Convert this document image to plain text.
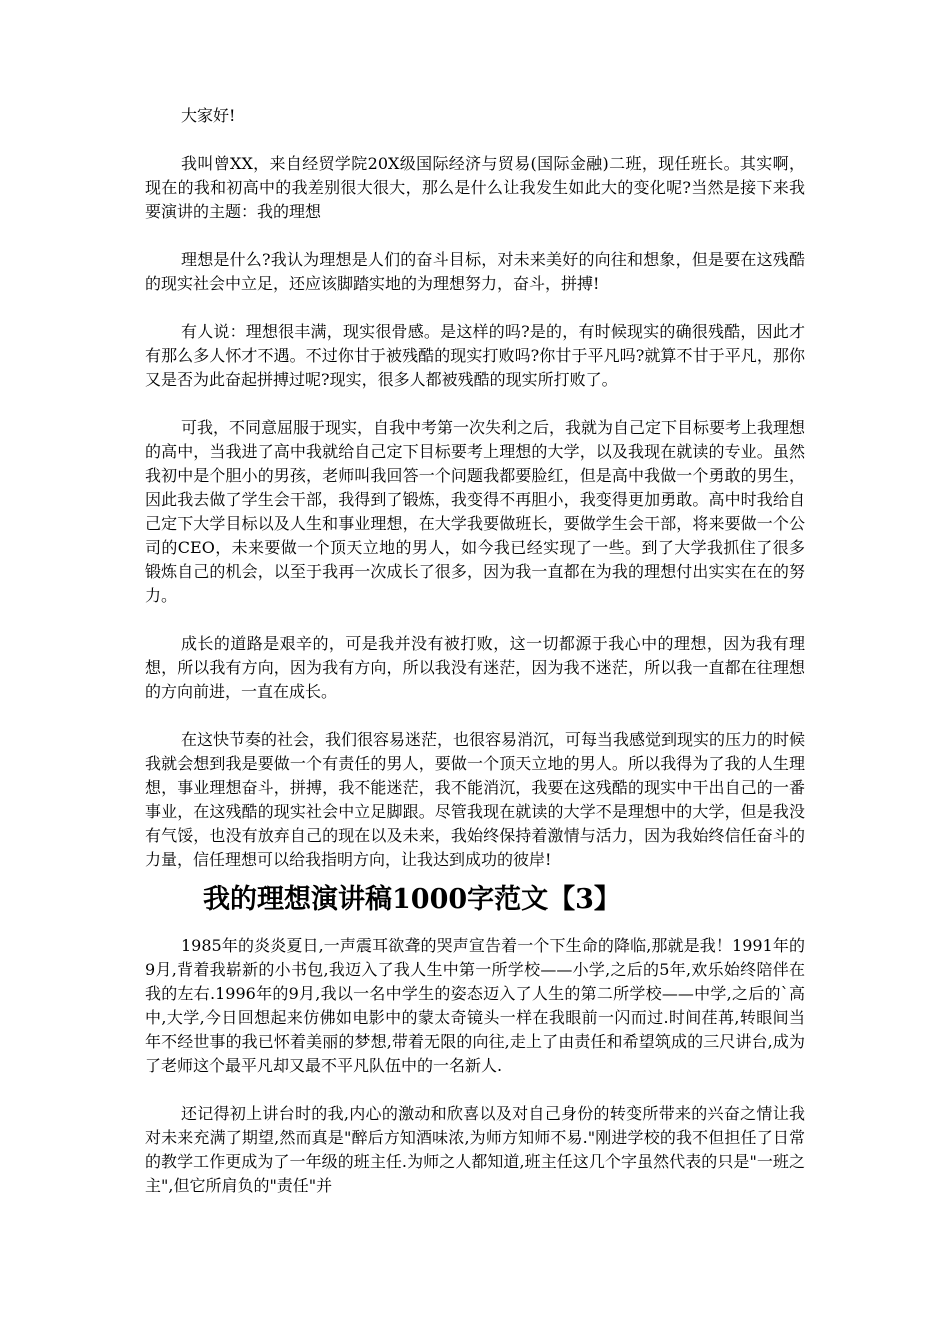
大家好!

我叫曾XX，来自经贸学院20X级国际经济与贸易(国际金融)二班，现任班长。其实啊，现在的我和初高中的我差别很大很大，那么是什么让我发生如此大的变化呢?当然是接下来我要演讲的主题：我的理想

理想是什么?我认为理想是人们的奋斗目标，对未来美好的向往和想象，但是要在这残酷的现实社会中立足，还应该脚踏实地的为理想努力，奋斗，拼搏!

有人说：理想很丰满，现实很骨感。是这样的吗?是的，有时候现实的确很残酷，因此才有那么多人怀才不遇。不过你甘于被残酷的现实打败吗?你甘于平凡吗?就算不甘于平凡，那你又是否为此奋起拼搏过呢?现实，很多人都被残酷的现实所打败了。

可我，不同意屈服于现实，自我中考第一次失利之后，我就为自己定下目标要考上我理想的高中，当我进了高中我就给自己定下目标要考上理想的大学，以及我现在就读的专业。虽然我初中是个胆小的男孩，老师叫我回答一个问题我都要脸红，但是高中我做一个勇敢的男生，因此我去做了学生会干部，我得到了锻炼，我变得不再胆小，我变得更加勇敢。高中时我给自己定下大学目标以及人生和事业理想，在大学我要做班长，要做学生会干部，将来要做一个公司的CEO，未来要做一个顶天立地的男人，如今我已经实现了一些。到了大学我抓住了很多锻炼自己的机会，以至于我再一次成长了很多，因为我一直都在为我的理想付出实实在在的努力。

成长的道路是艰辛的，可是我并没有被打败，这一切都源于我心中的理想，因为我有理想，所以我有方向，因为我有方向，所以我没有迷茫，因为我不迷茫，所以我一直都在往理想的方向前进，一直在成长。

在这快节奏的社会，我们很容易迷茫，也很容易消沉，可每当我感觉到现实的压力的时候我就会想到我是要做一个有责任的男人，要做一个顶天立地的男人。所以我得为了我的人生理想，事业理想奋斗，拼搏，我不能迷茫，我不能消沉，我要在这残酷的现实中干出自己的一番事业，在这残酷的现实社会中立足脚跟。尽管我现在就读的大学不是理想中的大学，但是我没有气馁，也没有放弃自己的现在以及未来，我始终保持着激情与活力，因为我始终信任奋斗的力量，信任理想可以给我指明方向，让我达到成功的彼岸!

我的理想演讲稿1000字范文【3】

1985年的炎炎夏日,一声震耳欲聋的哭声宣告着一个下生命的降临,那就是我！1991年的9月,背着我崭新的小书包,我迈入了我人生中第一所学校——小学,之后的5年,欢乐始终陪伴在我的左右.1996年的9月,我以一名中学生的姿态迈入了人生的第二所学校——中学,之后的`高中,大学,今日回想起来仿佛如电影中的蒙太奇镜头一样在我眼前一闪而过.时间荏苒,转眼间当年不经世事的我已怀着美丽的梦想,带着无限的向往,走上了由责任和希望筑成的三尺讲台,成为了老师这个最平凡却又最不平凡队伍中的一名新人.

还记得初上讲台时的我,内心的激动和欣喜以及对自己身份的转变所带来的兴奋之情让我对未来充满了期望,然而真是"醉后方知酒味浓,为师方知师不易."刚进学校的我不但担任了日常的教学工作更成为了一年级的班主任.为师之人都知道,班主任这几个字虽然代表的只是"一班之主",但它所肩负的"责任"并
